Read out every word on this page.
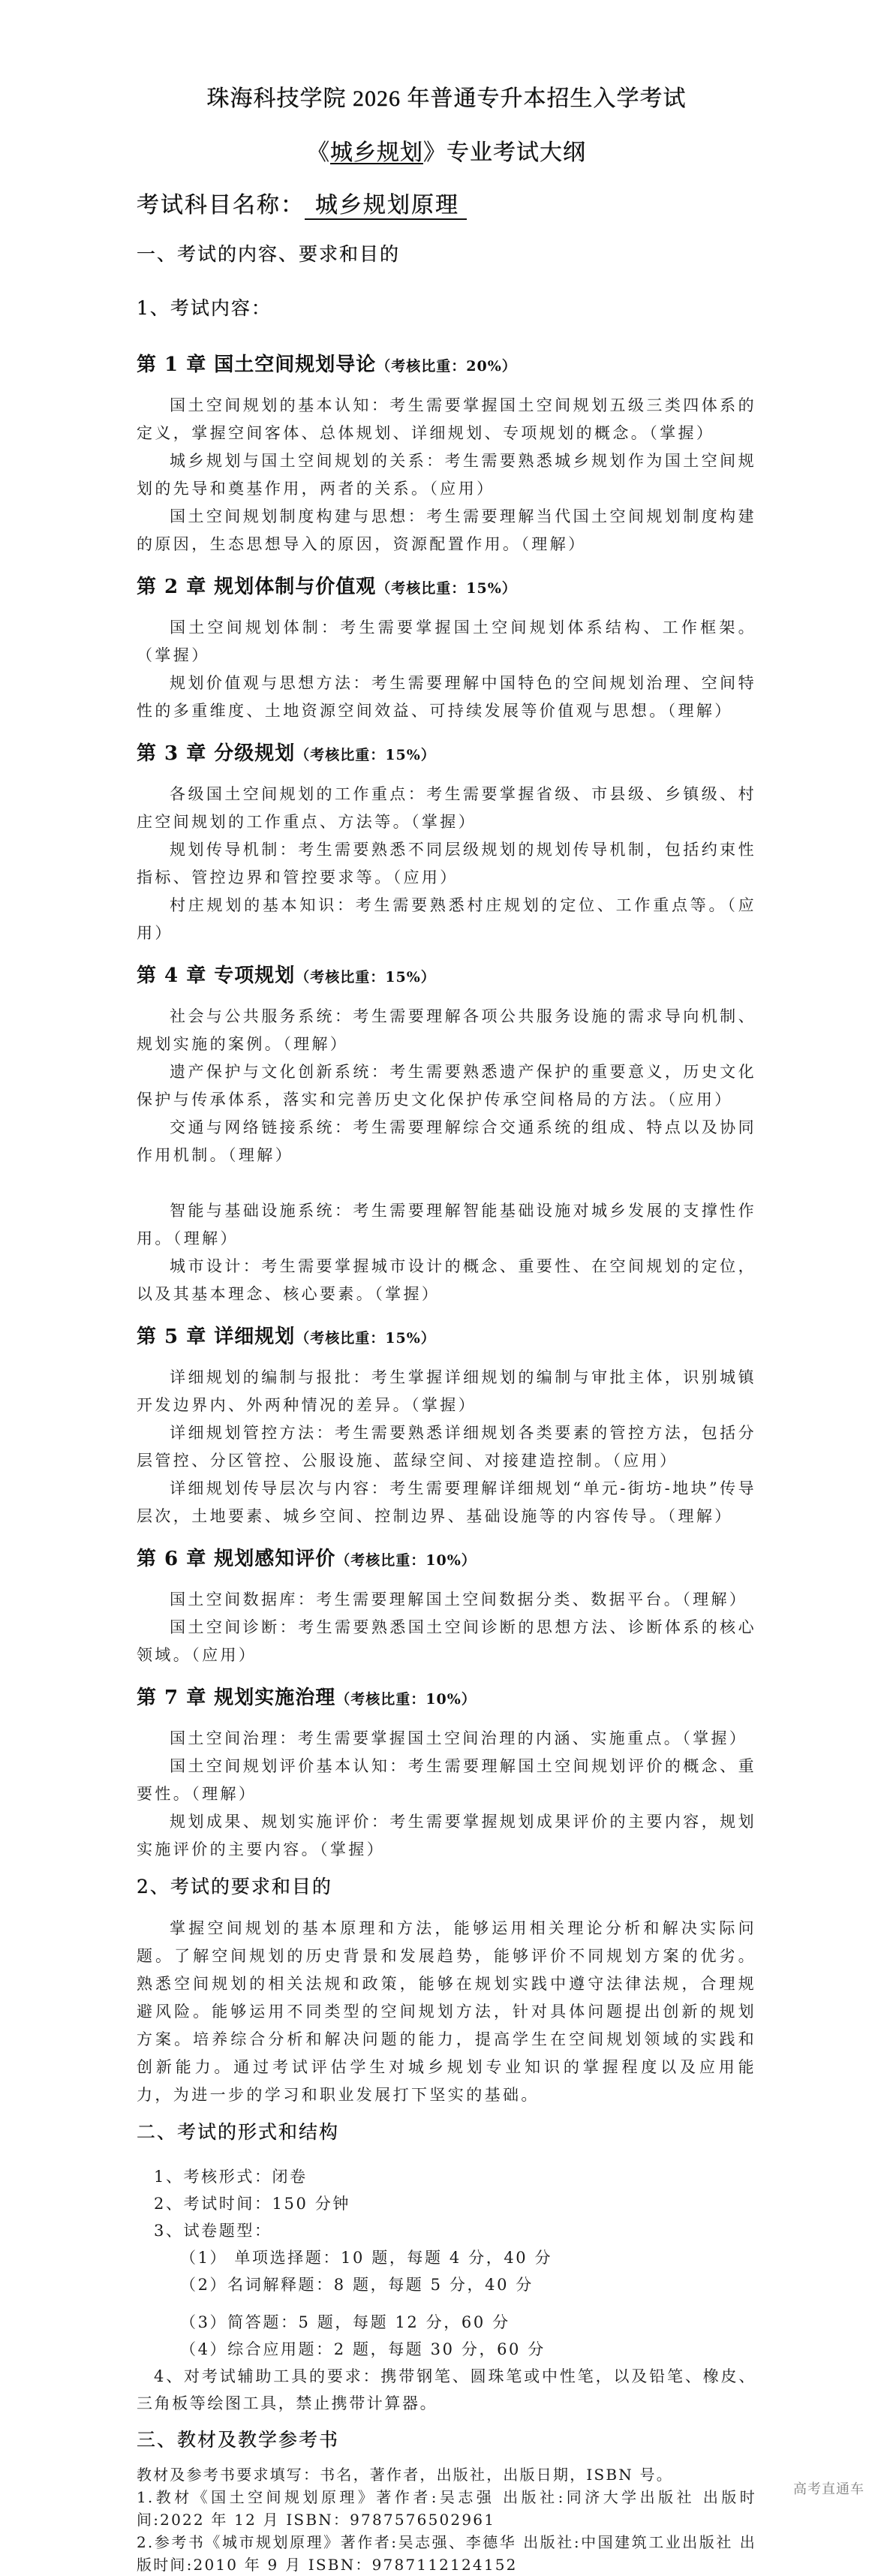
珠海科技学院 2026 年普通专升本招生入学考试
《城乡规划》专业考试大纲
考试科目名称： 城乡规划原理
一、考试的内容、要求和目的
1、考试内容：
第 1 章 国土空间规划导论（考核比重：20%）

国土空间规划的基本认知：考生需要掌握国土空间规划五级三类四体系的定义，掌握空间客体、总体规划、详细规划、专项规划的概念。（掌握）

城乡规划与国土空间规划的关系：考生需要熟悉城乡规划作为国土空间规划的先导和奠基作用，两者的关系。（应用）

国土空间规划制度构建与思想：考生需要理解当代国土空间规划制度构建的原因，生态思想导入的原因，资源配置作用。（理解）

第 2 章 规划体制与价值观（考核比重：15%）

国土空间规划体制：考生需要掌握国土空间规划体系结构、工作框架。（掌握）

规划价值观与思想方法：考生需要理解中国特色的空间规划治理、空间特性的多重维度、土地资源空间效益、可持续发展等价值观与思想。（理解）

第 3 章 分级规划（考核比重：15%）

各级国土空间规划的工作重点：考生需要掌握省级、市县级、乡镇级、村庄空间规划的工作重点、方法等。（掌握）

规划传导机制：考生需要熟悉不同层级规划的规划传导机制，包括约束性指标、管控边界和管控要求等。（应用）

村庄规划的基本知识：考生需要熟悉村庄规划的定位、工作重点等。（应用）

第 4 章 专项规划（考核比重：15%）

社会与公共服务系统：考生需要理解各项公共服务设施的需求导向机制、规划实施的案例。（理解）

遗产保护与文化创新系统：考生需要熟悉遗产保护的重要意义，历史文化保护与传承体系，落实和完善历史文化保护传承空间格局的方法。（应用）

交通与网络链接系统：考生需要理解综合交通系统的组成、特点以及协同作用机制。（理解）

智能与基础设施系统：考生需要理解智能基础设施对城乡发展的支撑性作用。（理解）

城市设计：考生需要掌握城市设计的概念、重要性、在空间规划的定位，以及其基本理念、核心要素。（掌握）

第 5 章 详细规划（考核比重：15%）

详细规划的编制与报批：考生掌握详细规划的编制与审批主体，识别城镇开发边界内、外两种情况的差异。（掌握）

详细规划管控方法：考生需要熟悉详细规划各类要素的管控方法，包括分层管控、分区管控、公服设施、蓝绿空间、对接建造控制。（应用）

详细规划传导层次与内容：考生需要理解详细规划“单元-街坊-地块”传导层次，土地要素、城乡空间、控制边界、基础设施等的内容传导。（理解）

第 6 章 规划感知评价（考核比重：10%）

国土空间数据库：考生需要理解国土空间数据分类、数据平台。（理解）

国土空间诊断：考生需要熟悉国土空间诊断的思想方法、诊断体系的核心领域。（应用）

第 7 章 规划实施治理（考核比重：10%）

国土空间治理：考生需要掌握国土空间治理的内涵、实施重点。（掌握）

国土空间规划评价基本认知：考生需要理解国土空间规划评价的概念、重要性。（理解）

规划成果、规划实施评价：考生需要掌握规划成果评价的主要内容，规划实施评价的主要内容。（掌握）

2、考试的要求和目的

掌握空间规划的基本原理和方法，能够运用相关理论分析和解决实际问题。了解空间规划的历史背景和发展趋势，能够评价不同规划方案的优劣。熟悉空间规划的相关法规和政策，能够在规划实践中遵守法律法规，合理规避风险。能够运用不同类型的空间规划方法，针对具体问题提出创新的规划方案。培养综合分析和解决问题的能力，提高学生在空间规划领域的实践和创新能力。通过考试评估学生对城乡规划专业知识的掌握程度以及应用能力，为进一步的学习和职业发展打下坚实的基础。

二、考试的形式和结构

1、考核形式：闭卷

2、考试时间：150 分钟

3、试卷题型：

（1） 单项选择题：10 题，每题 4 分，40 分

（2）名词解释题：8 题，每题 5 分，40 分

（3）简答题：5 题，每题 12 分，60 分

（4）综合应用题：2 题，每题 30 分，60 分

4、对考试辅助工具的要求：携带钢笔、圆珠笔或中性笔，以及铅笔、橡皮、三角板等绘图工具，禁止携带计算器。

三、教材及教学参考书

教材及参考书要求填写：书名，著作者，出版社，出版日期，ISBN 号。

1.教材《国土空间规划原理》著作者:吴志强 出版社:同济大学出版社 出版时间:2022 年 12 月 ISBN：9787576502961

2.参考书《城市规划原理》著作者:吴志强、李德华 出版社:中国建筑工业出版社 出版时间:2010 年 9 月 ISBN：9787112124152

高考直通车
